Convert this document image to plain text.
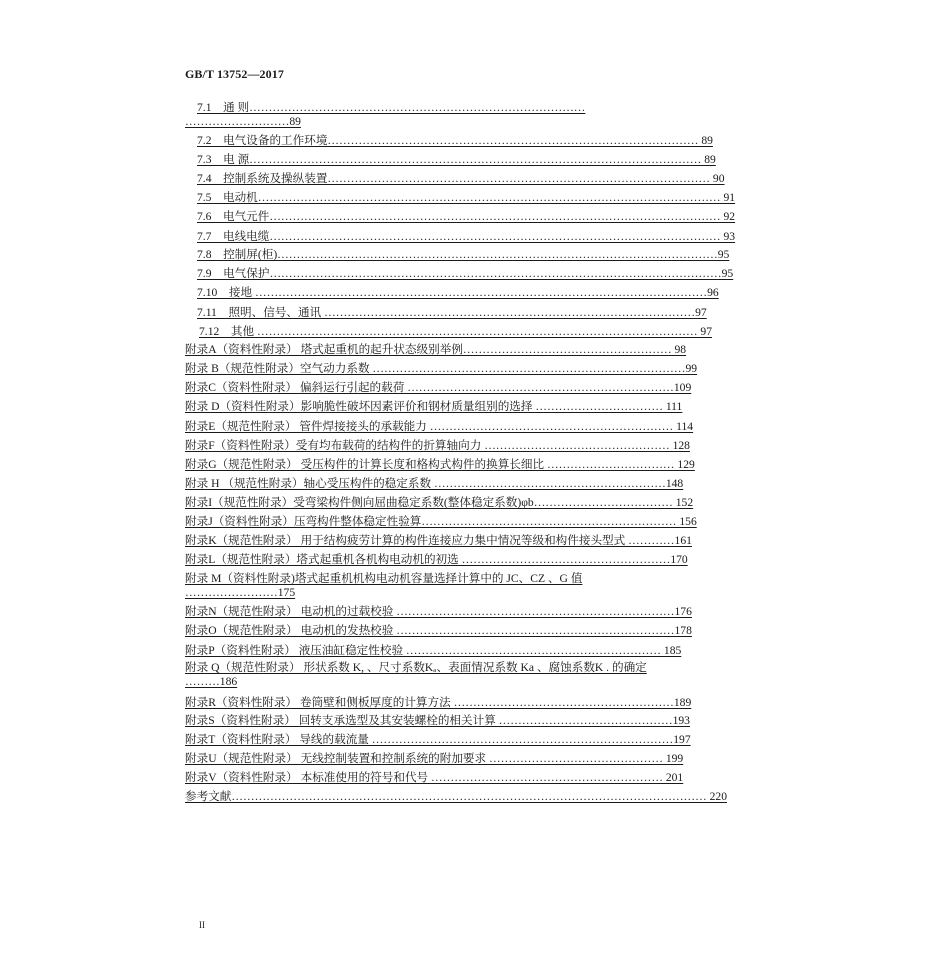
GB/T 13752—2017
7.1　通 则……………………………………………………………………………
………………………89
7.2　电气设备的工作环境…………………………………………………………………………………… 89
7.3　电 源……………………………………………………………………………………………………… 89
7.4　控制系统及操纵装置……………………………………………………………………………………… 90
7.5　电动机………………………………………………………………………………………………………… 91
7.6　电气元件……………………………………………………………………………………………………… 92
7.7　电线电缆……………………………………………………………………………………………………… 93
7.8　控制屏(柜)……………………………………………………………………………………………………95
7.9　电气保护………………………………………………………………………………………………………95
7.10　接地 ………………………………………………………………………………………………………96
7.11　照明、信号、通讯 ……………………………………………………………………………………97
7.12　其他 …………………………………………………………………………………………………… 97
附录A（资料性附录） 塔式起重机的起升状态级别举例……………………………………………… 98
附录 B（规范性附录）空气动力系数 ………………………………………………………………………99
附录C（资料性附录） 偏斜运行引起的载荷 ……………………………………………………………109
附录 D（资料性附录）影响脆性破坏因素评价和钢材质量组别的选择 …………………………… 111
附录E（规范性附录） 管件焊接接头的承载能力 ……………………………………………………… 114
附录F（资料性附录）受有均布载荷的结构件的折算轴向力 ………………………………………… 128
附录G（规范性附录） 受压构件的计算长度和格构式构件的换算长细比 …………………………… 129
附录 H （规范性附录）轴心受压构件的稳定系数 ……………………………………………………148
附录I（规范性附录）受弯梁构件侧向屈曲稳定系数(整体稳定系数)φb……………………………… 152
附录J（资料性附录）压弯构件整体稳定性验算………………………………………………………… 156
附录K（规范性附录） 用于结构疲劳计算的构件连接应力集中情况等级和构件接头型式 …………161
附录L（规范性附录）塔式起重机各机构电动机的初选 ………………………………………………170
附录 M（资料性附录)塔式起重机机构电动机容量选择计算中的 JC、CZ 、G 值
……………………175
附录N（规范性附录） 电动机的过载校验 ………………………………………………………………176
附录O（规范性附录） 电动机的发热校验 ………………………………………………………………178
附录P（资料性附录） 液压油缸稳定性校验 ………………………………………………………… 185
附录 Q（规范性附录） 形状系数 K, 、尺寸系数Kₐ、表面情况系数 Ka 、腐蚀系数K . 的确定
………186
附录R（资料性附录） 卷筒壁和侧板厚度的计算方法 …………………………………………………189
附录S（资料性附录） 回转支承选型及其安装螺栓的相关计算 ………………………………………193
附录T（资料性附录） 导线的载流量 ……………………………………………………………………197
附录U（规范性附录） 无线控制装置和控制系统的附加要求 ……………………………………… 199
附录V（资料性附录） 本标准使用的符号和代号 …………………………………………………… 201
参考文献…………………………………………………………………………………………………………… 220
II
